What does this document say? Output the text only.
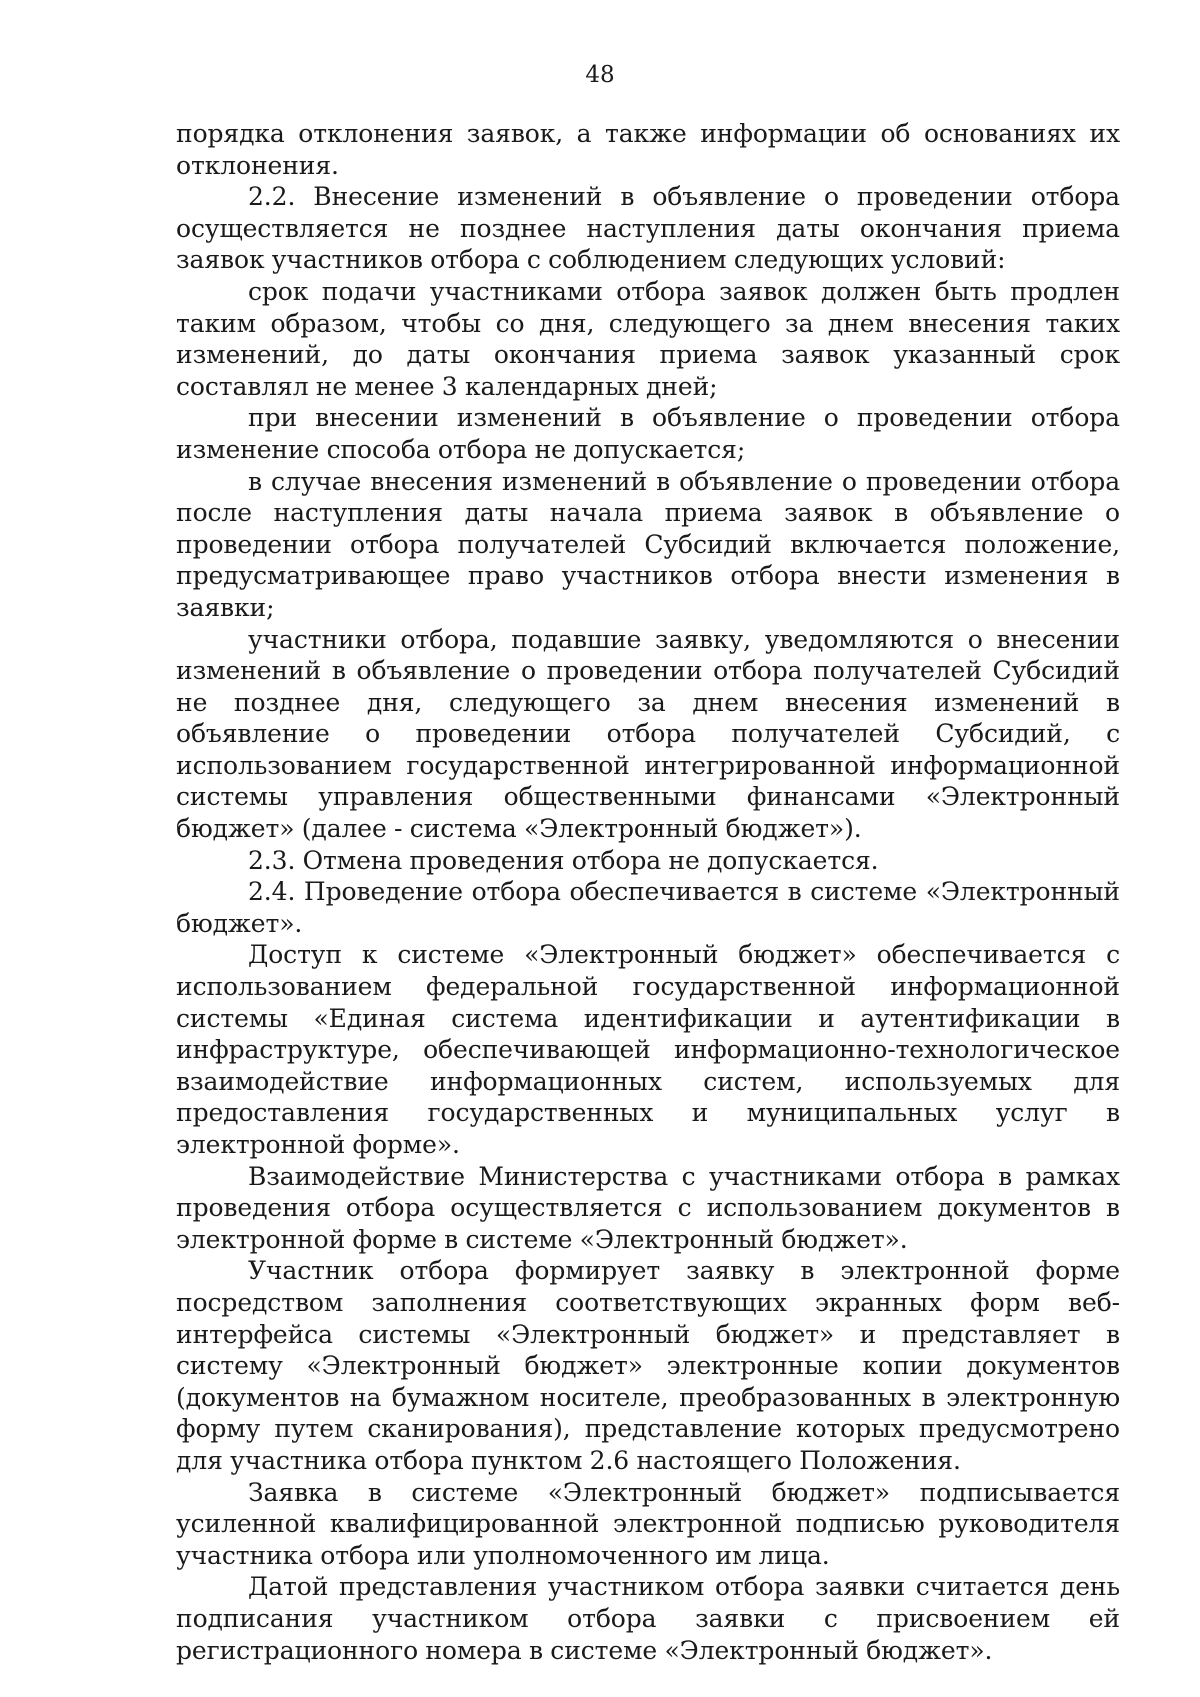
48

порядка отклонения заявок, а также информации об основаниях их отклонения.

2.2. Внесение изменений в объявление о проведении отбора осуществляется не позднее наступления даты окончания приема заявок участников отбора с соблюдением следующих условий:

срок подачи участниками отбора заявок должен быть продлен таким образом, чтобы со дня, следующего за днем внесения таких изменений, до даты окончания приема заявок указанный срок составлял не менее 3 календарных дней;

при внесении изменений в объявление о проведении отбора изменение способа отбора не допускается;

в случае внесения изменений в объявление о проведении отбора после наступления даты начала приема заявок в объявление о проведении отбора получателей Субсидий включается положение, предусматривающее право участников отбора внести изменения в заявки;

участники отбора, подавшие заявку, уведомляются о внесении изменений в объявление о проведении отбора получателей Субсидий не позднее дня, следующего за днем внесения изменений в объявление о проведении отбора получателей Субсидий, с использованием государственной интегрированной информационной системы управления общественными финансами «Электронный бюджет» (далее - система «Электронный бюджет»).

2.3. Отмена проведения отбора не допускается.

2.4. Проведение отбора обеспечивается в системе «Электронный бюджет».

Доступ к системе «Электронный бюджет» обеспечивается с использованием федеральной государственной информационной системы «Единая система идентификации и аутентификации в инфраструктуре, обеспечивающей информационно-технологическое взаимодействие информационных систем, используемых для предоставления государственных и муниципальных услуг в электронной форме».

Взаимодействие Министерства с участниками отбора в рамках проведения отбора осуществляется с использованием документов в электронной форме в системе «Электронный бюджет».

Участник отбора формирует заявку в электронной форме посредством заполнения соответствующих экранных форм веб-интерфейса системы «Электронный бюджет» и представляет в систему «Электронный бюджет» электронные копии документов (документов на бумажном носителе, преобразованных в электронную форму путем сканирования), представление которых предусмотрено для участника отбора пунктом 2.6 настоящего Положения.

Заявка в системе «Электронный бюджет» подписывается усиленной квалифицированной электронной подписью руководителя участника отбора или уполномоченного им лица.

Датой представления участником отбора заявки считается день подписания участником отбора заявки с присвоением ей регистрационного номера в системе «Электронный бюджет».
